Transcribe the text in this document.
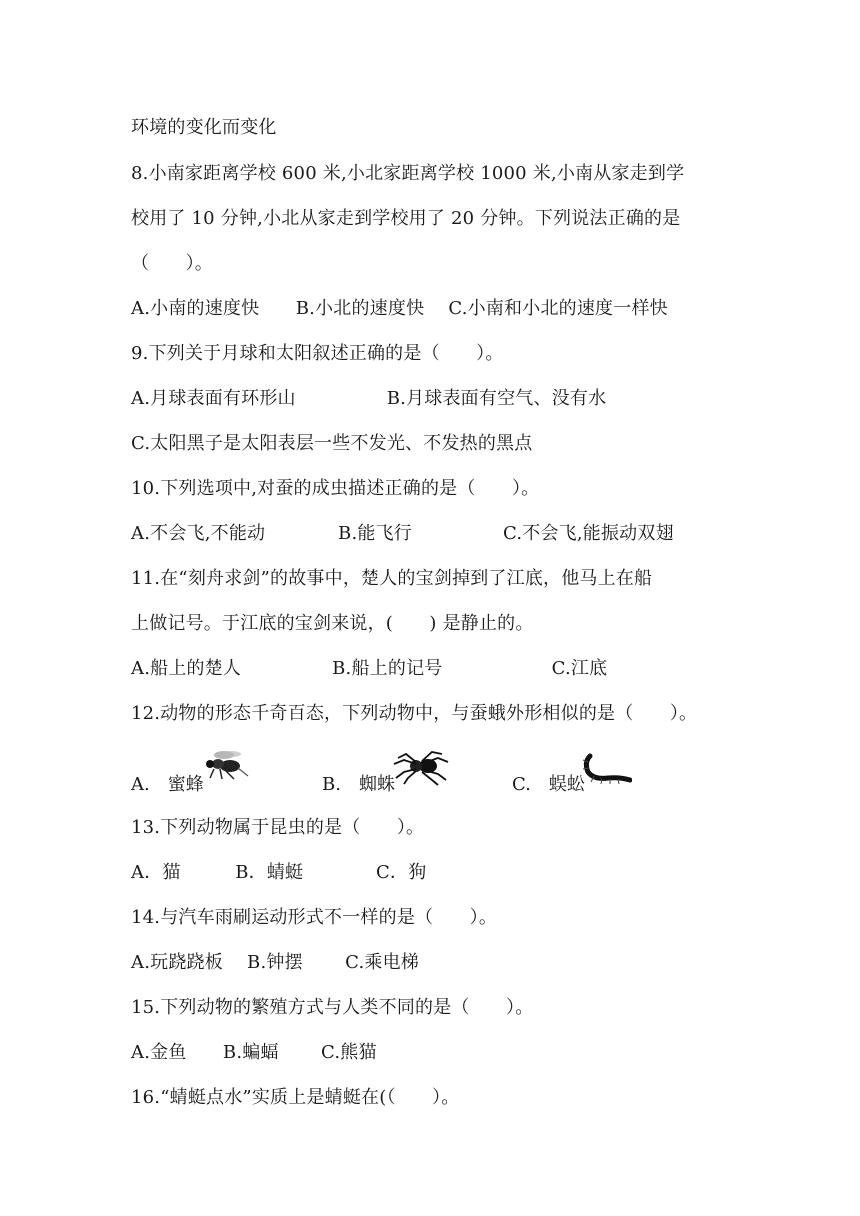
环境的变化而变化
8.小南家距离学校 600 米,小北家距离学校 1000 米,小南从家走到学
校用了 10 分钟,小北从家走到学校用了 20 分钟。下列说法正确的是
（　　）。
A.小南的速度快　　B.小北的速度快　 C.小南和小北的速度一样快
9.下列关于月球和太阳叙述正确的是（　　）。
A.月球表面有环形山　　　　　B.月球表面有空气、没有水
C.太阳黑子是太阳表层一些不发光、不发热的黑点
10.下列选项中,对蚕的成虫描述正确的是（　　）。
A.不会飞,不能动　　　　B.能飞行　　　　　C.不会飞,能振动双翅
11.在“刻舟求剑”的故事中，楚人的宝剑掉到了江底，他马上在船
上做记号。于江底的宝剑来说，(　　) 是静止的。
A.船上的楚人　　　　　B.船上的记号　　　　　　C.江底
12.动物的形态千奇百态，下列动物中，与蚕蛾外形相似的是（　　）。
A.　蜜蜂	B.　蜘蛛	C.　蜈蚣
13.下列动物属于昆虫的是（　　）。
A．猫　　　B．蜻蜓　　　　C．狗
14.与汽车雨刷运动形式不一样的是（　　）。
A.玩跷跷板　 B.钟摆　　 C.乘电梯
15.下列动物的繁殖方式与人类不同的是（　　）。
A.金鱼　　B.蝙蝠　　 C.熊猫
16.“蜻蜓点水”实质上是蜻蜓在(（　　）。
